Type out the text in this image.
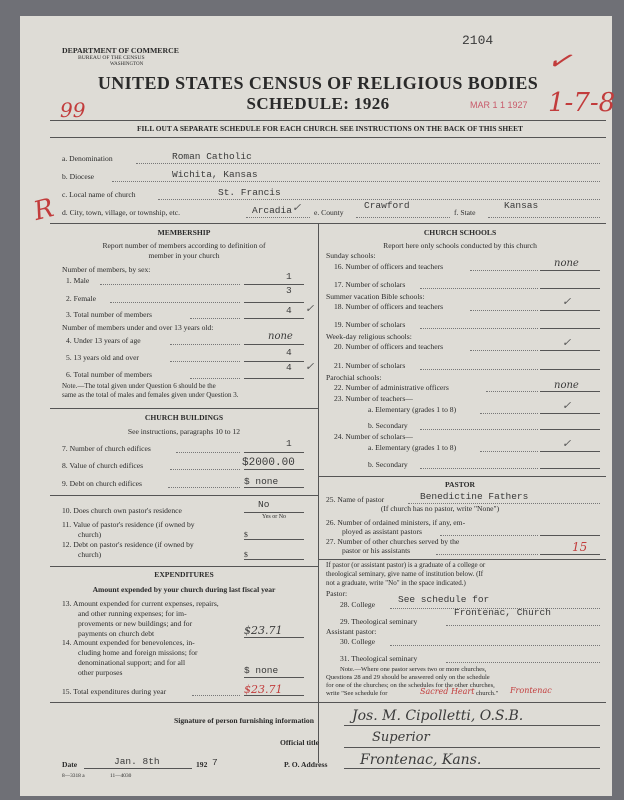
DEPARTMENT OF COMMERCE
BUREAU OF THE CENSUS
WASHINGTON
2104
✓
UNITED STATES CENSUS OF RELIGIOUS BODIES
SCHEDULE: 1926
99	MAR 1 1 1927 1-7-8
FILL OUT A SEPARATE SCHEDULE FOR EACH CHURCH. SEE INSTRUCTIONS ON THE BACK OF THIS SHEET
R
a. Denomination	Roman Catholic
b. Diocese	Wichita, Kansas
c. Local name of church	St. Francis
d. City, town, village, or township, etc.	Arcadia	e. County
Crawford
f. State
Kansas
✓
MEMBERSHIP
Report number of members according to definition of
member in your church
Number of members, by sex:
1. Male	1
2. Female
3
3. Total number of members	4 ✓
Number of members under and over 13 years old:
4. Under 13 years of age	none
5. 13 years old and over	4
6. Total number of members
4 ✓
Note.—The total given under Question 6 should be the
same as the total of males and females given under Question 3.
CHURCH BUILDINGS
See instructions, paragraphs 10 to 12
7. Number of church edifices	1
8. Value of church edifices	$2000.00
9. Debt on church edifices	$ none
10. Does church own pastor's residence
No
Yes or No
11. Value of pastor's residence (if owned by
church)	$
12. Debt on pastor's residence (if owned by
church)	$
EXPENDITURES
Amount expended by your church during last fiscal year
13. Amount expended for current expenses, repairs,
and other running expenses; for im-
provements or new buildings; and for
payments on church debt	$23.71
14. Amount expended for benevolences, in-
cluding home and foreign missions; for
denominational support; and for all
other purposes	$ none
15. Total expenditures during year	$23.71
CHURCH SCHOOLS
Report here only schools conducted by this church
Sunday schools:
16. Number of officers and teachers	none
17. Number of scholars
Summer vacation Bible schools:
18. Number of officers and teachers	✓
19. Number of scholars
Week-day religious schools:
20. Number of officers and teachers	✓
21. Number of scholars
Parochial schools:
22. Number of administrative officers	none
23. Number of teachers—
a. Elementary (grades 1 to 8)	✓
b. Secondary
24. Number of scholars—
a. Elementary (grades 1 to 8)	✓
b. Secondary
PASTOR
25. Name of pastor	Benedictine Fathers
(If church has no pastor, write "None")
26. Number of ordained ministers, if any, em-
ployed as assistant pastors
27. Number of other churches served by the
pastor or his assistants	15
If pastor (or assistant pastor) is a graduate of a college or
theological seminary, give name of institution below. (If
not a graduate, write "No" in the space indicated.)
Pastor:
28. College See schedule for
29. Theological seminary
Frontenac, Church
Assistant pastor:
30. College
31. Theological seminary
Note.—Where one pastor serves two or more churches,
Questions 28 and 29 should be answered only on the schedule
for one of the churches; on the schedules for the other churches,
write "See schedule for	Sacred Heart church." Frontenac
Signature of person furnishing information	Jos. M. Cipolletti, O.S.B.
Official title	Superior
Date	Jan. 8th	192 7	P. O. Address Frontenac, Kans.
8—3318 a	11—4030
